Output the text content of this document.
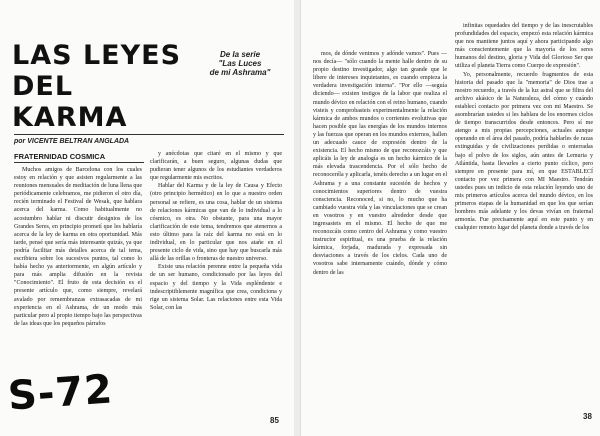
LAS LEYES DEL KARMA
De la serie
"Las Luces
de mi Ashrama"
por VICENTE BELTRAN ANGLADA
FRATERNIDAD COSMICA

Muchos amigos de Barcelona con los cuales estoy en relación y que asisten regularmente a las reuniones mensuales de meditación de luna llena que periódicamente celebramos, me pidieron el otro día, recién terminado el Festival de Wesak, que hablara acerca del karma. Como habitualmente no acostumbro hablar ni discutir designios de los Grandes Seres, en principio prometí que les hablaría acerca de la ley de karma en otra oportunidad. Más tarde, pensé que sería más interesante quizás, ya que podría facilitar más detalles acerca de tal tema, escribiera sobre los sucesivos puntos, tal como lo había hecho ya anteriormente, en algún artículo y para más amplia difusión en la revista "Conocimiento". El fruto de esta decisión es el presente artículo que, como siempre, revelará avalado por remembranzas extrasacadas de mi experiencia en el Ashrama, de un modo más particular pero al propio tiempo bajo las perspectivas de las ideas que los pequeños párrafos

y anécdotas que citaré en el mismo y que clarificarán, a buen seguro, algunas dudas que pudieran tener algunos de los estudiantes verdaderos que regularmente mis escritos.

Hablar del Karma y de la ley de Causa y Efecto (otro principio hermético) en lo que a nuestro orden personal se refiere, es una cosa, hablar de un sistema de relaciones kármicas que van de lo individual a lo cósmico, es otra. No obstante, para una mayor clarificación de este tema, tendremos que atenernos a esto último para la raíz del karma no está en lo individual, en lo particular que nos atañe en el presente ciclo de vida, sino que hay que buscarla más allá de las orillas o fronteras de nuestro universo.

Existe una relación perenne entre la pequeña vida de un ser humano, condicionado por las leyes del espacio y del tiempo y la Vida espléndente e indescriptiblemente magnífica que crea, condiciona y rige un sistema Solar. Las relaciones entre esta Vida Solar, con las

S-72
85

mos, de dónde venimos y adónde vamos". Pues —nos decía— "sólo cuando la mente halle dentro de su propio destino investigador, algo tan grande que le libere de intereses inquietantes, es cuando empieza la verdadera investigación interna". "Por ello —seguía diciendo— existen testigos de la labor que realiza el mundo dévico en relación con el reino humano, cuando visteis y comprobasteis experimentalmente la relación kármica de ambos mundos o corrientes evolutivas que hacen posible que las energías de los mundos internos y las fuerzas que operan en los mundos externos, hallen un adecuado cauce de expresión dentro de la existencia. El hecho mismo de que reconozcáis y que aplicáis la ley de analogía es un hecho kármico de la más elevada trascendencia. Por el sólo hecho de reconoceréla y aplicarla, tenéis derecho a un lugar en el Ashrama y a una constante sucesión de hechos y conocimientos superiores dentro de vuestra consciencia. Reconoced, si no, lo mucho que ha cambiado vuestra vida y las vinculaciones que se crean en vosotros y en vuestro alrededor desde que ingresasteis en el mismo. El hecho de que me reconozcáis como centro del Ashrama y como vuestro instructor espiritual, es una prueba de la relación kármica, forjada, madurada y expresada sin desviaciones a través de los cielos. Cada uno de vosotros sabe internamente cuándo, dónde y cómo dentro de las

infinitas oquedades del tiempo y de las inescrutables profundidades del espacio, empezó esta relación kármica que nos mantiene juntos aquí y ahora participando algo más conscientemente que la mayoría de los seres humanos del destino, gloria y Vida del Glorioso Ser que utiliza el planeta Tierra como Cuerpo de expresión".

Yo, personalmente, recuerdo fragmentos de esta historia del pasado que la "memoria" de Dios trae a mostro recuerdo, a través de la luz astral que se filtra del archivo akásico de la Naturaleza, del cómo y cuándo establecí contacto por primera vez con mi Maestro. Se asombrarían ustedes si les hablara de los enormes ciclos de tiempo transcurridos desde entonces. Pero sí me atengo a mis propias percepciones, actuales aunque operando en el área del pasado, podría hablarles de razas extinguidas y de civilizaciones perdidas o enterradas bajo el polvo de los siglos, aún antes de Lemuria y Atlántida, hasta llevarles a cierto punto cíclico, pero siempre en presente para mí, en que ESTABLECÍ contacto por vez primera con MI Maestro. Tendrán ustedes pues un indicio de esta relación leyendo uno de mis primeros artículos acerca del mundo dévico, en los primeros etapas de la humanidad en que los que serían hombres más adelante y los devas vivían en fraternal armonía. Fue precisamente aquí en este punto y en cualquier remoto lugar del planeta donde a través de los

38
